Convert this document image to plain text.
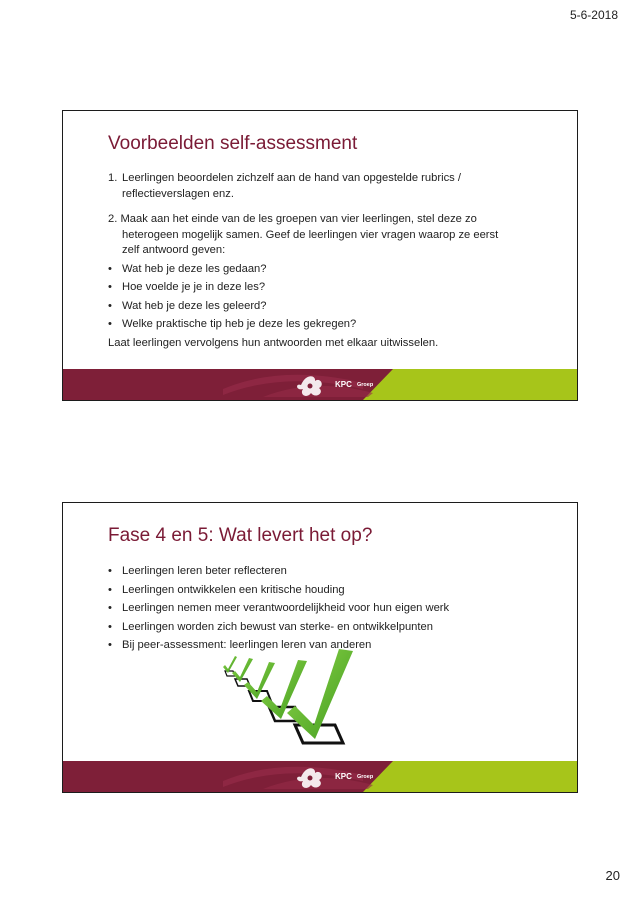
5-6-2018
Voorbeelden self-assessment
1. Leerlingen beoordelen zichzelf aan de hand van opgestelde rubrics /

reflectieverslagen enz.

2. Maak aan het einde van de les groepen van vier leerlingen, stel deze zo

heterogeen mogelijk samen. Geef de leerlingen vier vragen waarop ze eerst

zelf antwoord geven:

• Wat heb je deze les gedaan?
• Hoe voelde je je in deze les?
• Wat heb je deze les geleerd?
• Welke praktische tip heb je deze les gekregen?

Laat leerlingen vervolgens hun antwoorden met elkaar uitwisselen.

KPC Groep
Fase 4 en 5: Wat levert het op?
• Leerlingen leren beter reflecteren
• Leerlingen ontwikkelen een kritische houding
• Leerlingen nemen meer verantwoordelijkheid voor hun eigen werk
• Leerlingen worden zich bewust van sterke- en ontwikkelpunten
• Bij peer-assessment: leerlingen leren van anderen
KPC Groep
20
